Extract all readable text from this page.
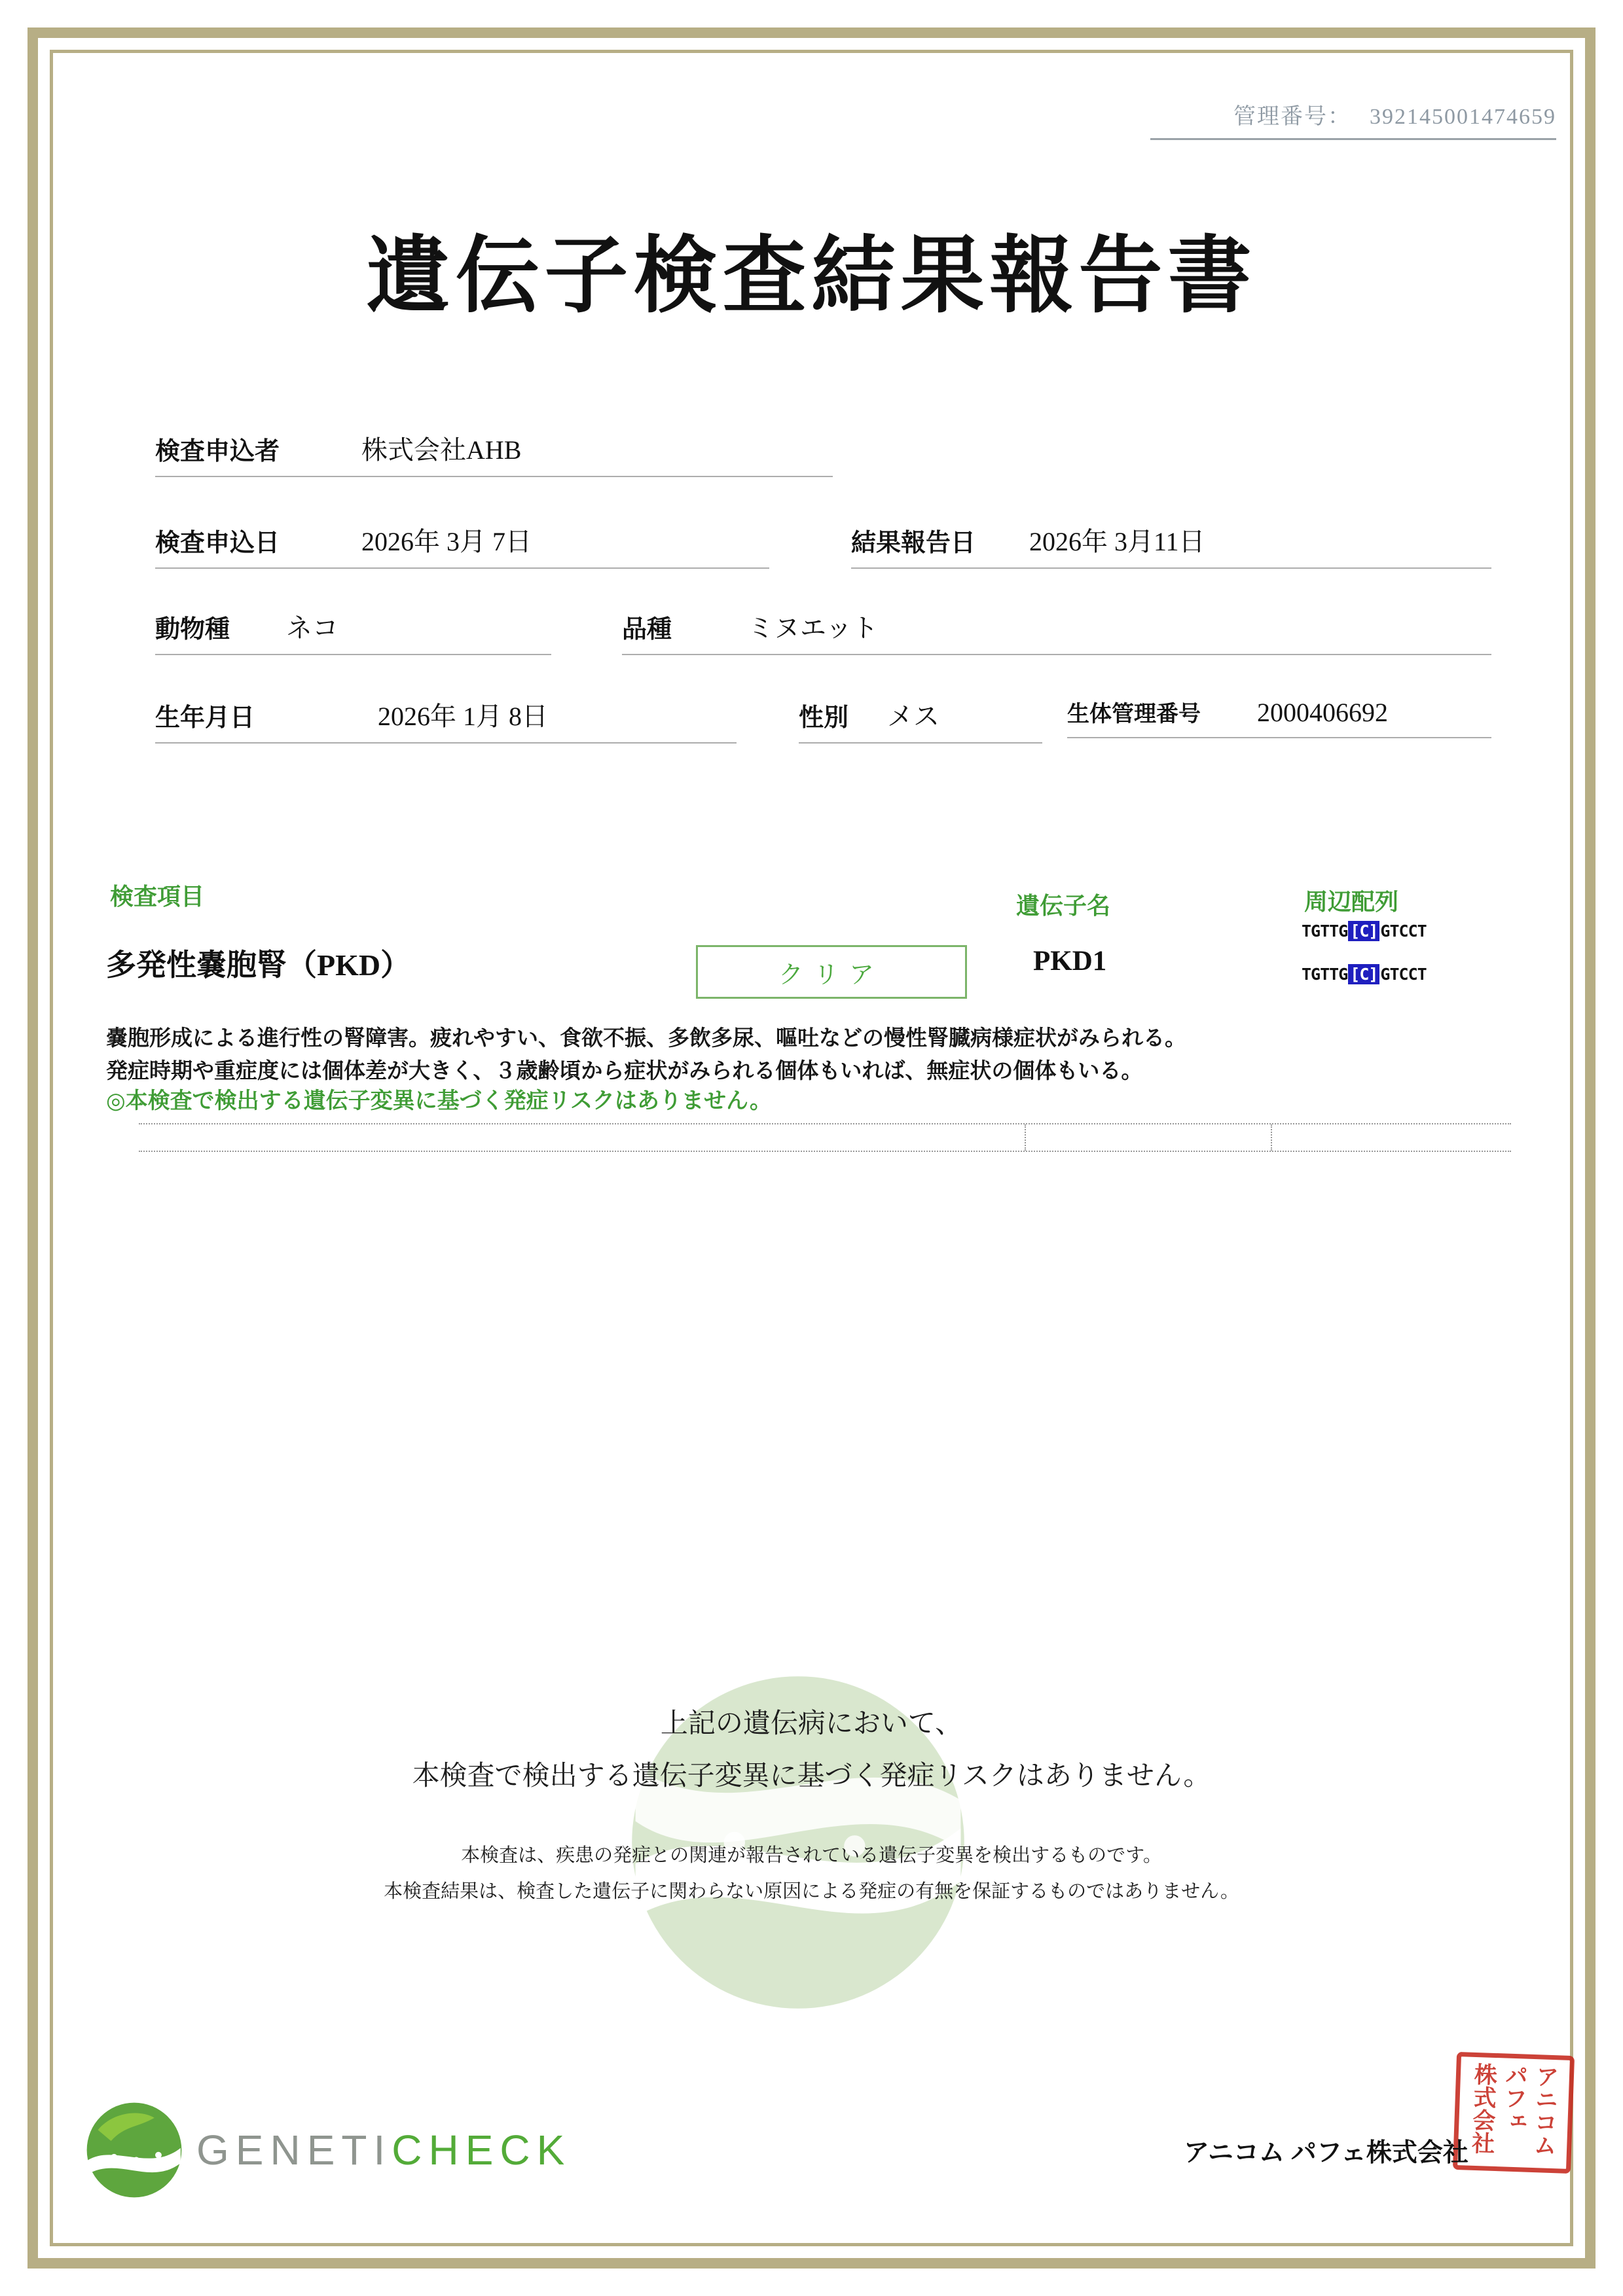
管理番号： 392145001474659
遺伝子検査結果報告書
検査申込者	株式会社AHB
検査申込日	2026年 3月 7日	結果報告日	2026年 3月11日
動物種	ネコ	品種	ミヌエット
生年月日	2026年 1月 8日	性別	メス	生体管理番号	2000406692
検査項目	遺伝子名	周辺配列
多発性嚢胞腎（PKD）	クリア	PKD1
TGTTG [C] GTCCT
TGTTG [C] GTCCT
嚢胞形成による進行性の腎障害。疲れやすい、食欲不振、多飲多尿、嘔吐などの慢性腎臓病様症状がみられる。
発症時期や重症度には個体差が大きく、３歳齢頃から症状がみられる個体もいれば、無症状の個体もいる。
◎本検査で検出する遺伝子変異に基づく発症リスクはありません。
上記の遺伝病において、
本検査で検出する遺伝子変異に基づく発症リスクはありません。
本検査は、疾患の発症との関連が報告されている遺伝子変異を検出するものです。
本検査結果は、検査した遺伝子に関わらない原因による発症の有無を保証するものではありません。
GENETICHECK	アニコム パフェ株式会社	アニコム
パフェ
株式会社
